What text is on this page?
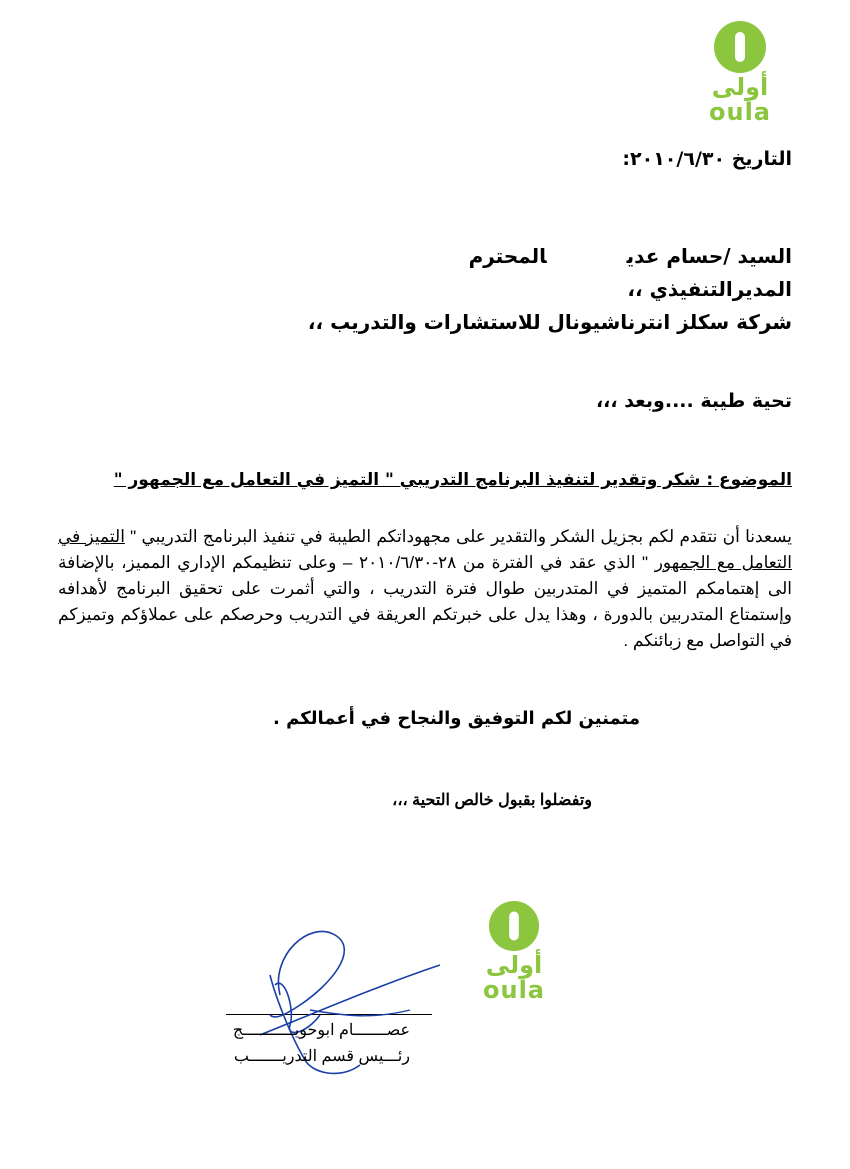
أولى
oula
التاريخ ٢٠١٠/٦/٣٠:
السيد /حسام عديالمحترم
المديرالتنفيذي ،،
شركة سكلز انترناشيونال للاستشارات والتدريب ،،
تحية طيبة ....وبعد ،،،
الموضوع : شكر وتقدير لتنفيذ البرنامج التدريبي " التميز في التعامل مع الجمهور "
يسعدنا أن نتقدم لكم بجزيل الشكر والتقدير على مجهوداتكم الطيبة في تنفيذ البرنامج التدريبي " التميز في التعامل مع الجمهور " الذي عقد في الفترة من ٢٨-٢٠١٠/٦/٣٠ – وعلى تنظيمكم الإداري المميز، بالإضافة الى إهتمامكم المتميز في المتدربين طوال فترة التدريب ، والتي أثمرت على تحقيق البرنامج لأهدافه وإستمتاع المتدربين بالدورة ، وهذا يدل على خبرتكم العريقة في التدريب وحرصكم على عملاؤكم وتميزكم في التواصل مع زبائنكم .
متمنين لكم التوفيق والنجاح في أعمالكم .
وتفضلوا بقبول خالص التحية ،،،
أولى
oula
عصـــــــام ابوحويـــــــــــج
رئـــيس قسم التدريـــــــب
